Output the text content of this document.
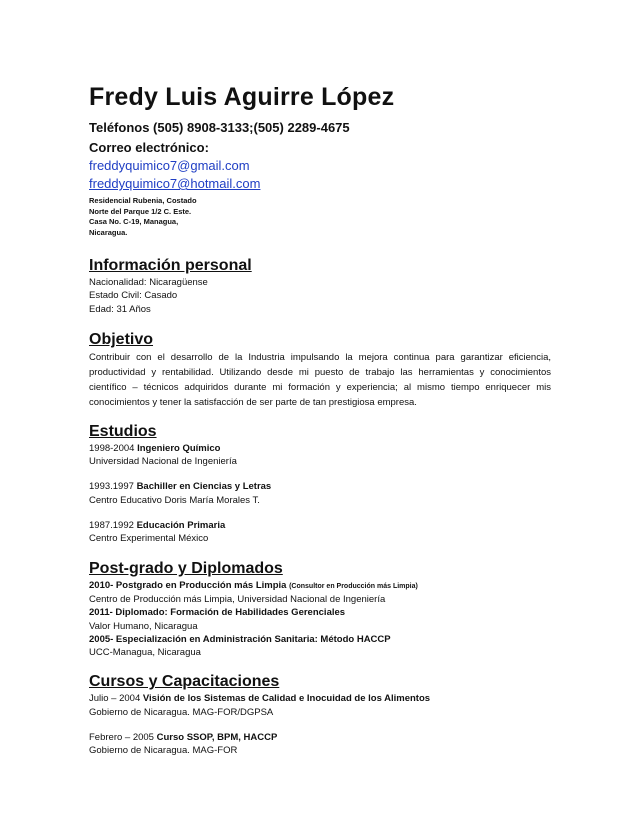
Fredy Luis Aguirre López
Teléfonos (505) 8908-3133;(505) 2289-4675
Correo electrónico:
freddyquimico7@gmail.com
freddyquimico7@hotmail.com
Residencial Rubenia, Costado
Norte del Parque 1/2 C. Este.
Casa No. C-19, Managua,
Nicaragua.
Información personal
Nacionalidad: Nicaragüense
Estado Civil: Casado
Edad: 31 Años
Objetivo
Contribuir con el desarrollo de la Industria impulsando la mejora continua para garantizar eficiencia, productividad y rentabilidad. Utilizando desde mi puesto de trabajo las herramientas y conocimientos científico – técnicos adquiridos durante mi formación y experiencia; al mismo tiempo enriquecer mis conocimientos y tener la satisfacción de ser parte de tan prestigiosa empresa.
Estudios
1998-2004 Ingeniero Químico
Universidad Nacional de Ingeniería
1993.1997 Bachiller en Ciencias y Letras
Centro Educativo Doris María Morales T.
1987.1992 Educación Primaria
Centro Experimental México
Post-grado y Diplomados
2010- Postgrado en Producción más Limpia (Consultor en Producción más Limpia)
Centro de Producción más Limpia, Universidad Nacional de Ingeniería
2011- Diplomado: Formación de Habilidades Gerenciales
Valor Humano, Nicaragua
2005- Especialización en Administración Sanitaria: Método HACCP
UCC-Managua, Nicaragua
Cursos y Capacitaciones
Julio – 2004 Visión de los Sistemas de Calidad e Inocuidad de los Alimentos
Gobierno de Nicaragua. MAG-FOR/DGPSA
Febrero – 2005 Curso SSOP, BPM, HACCP
Gobierno de Nicaragua. MAG-FOR
